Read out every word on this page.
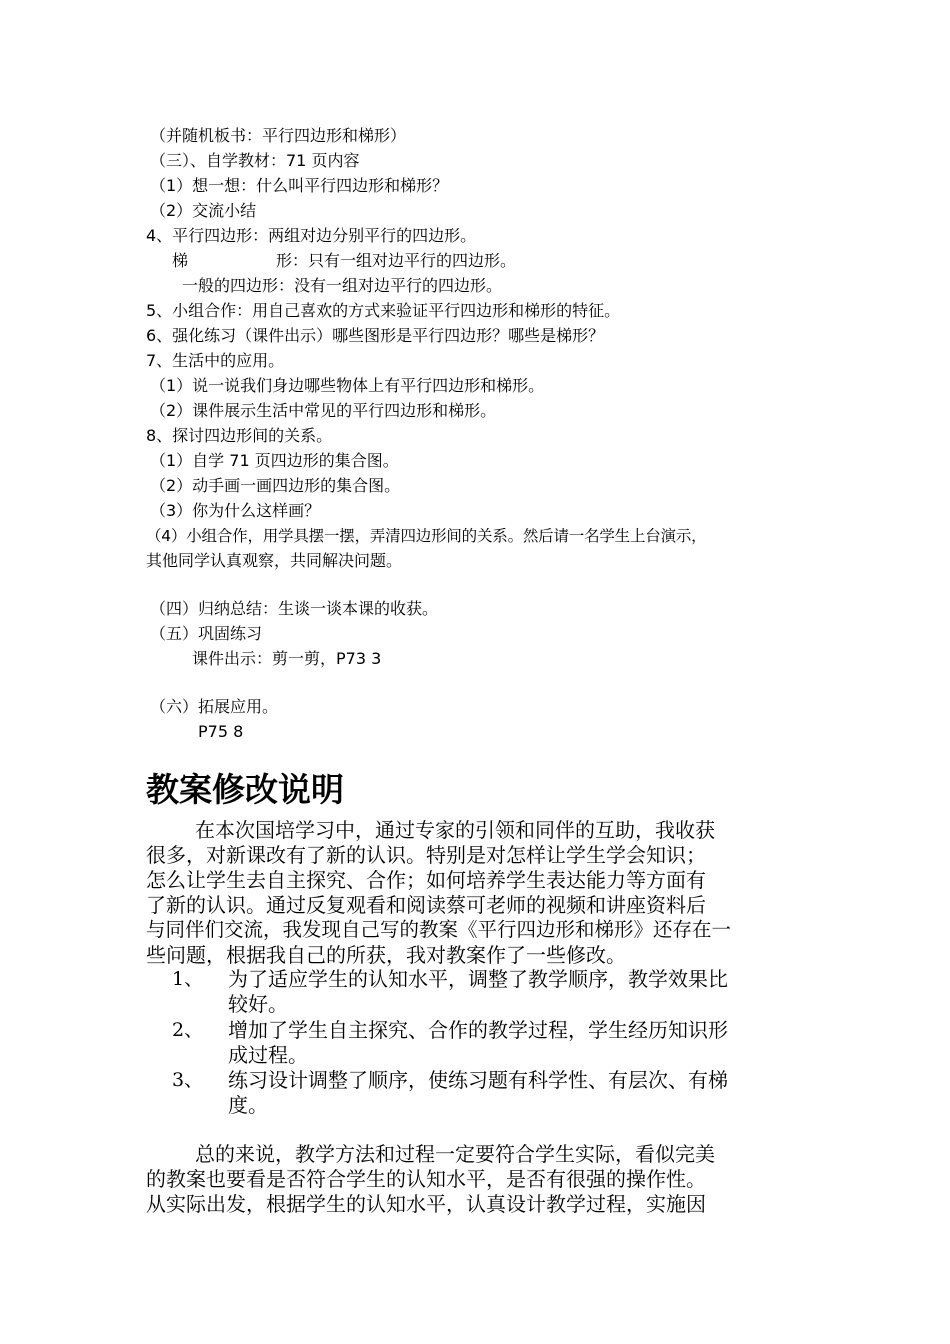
（并随机板书：平行四边形和梯形）
（三）、自学教材：71 页内容
（1）想一想：什么叫平行四边形和梯形？
（2）交流小结
4、平行四边形：两组对边分别平行的四边形。
梯	形：只有一组对边平行的四边形。
一般的四边形：没有一组对边平行的四边形。
5、小组合作：用自己喜欢的方式来验证平行四边形和梯形的特征。
6、强化练习（课件出示）哪些图形是平行四边形？哪些是梯形？
7、生活中的应用。
（1）说一说我们身边哪些物体上有平行四边形和梯形。
（2）课件展示生活中常见的平行四边形和梯形。
8、探讨四边形间的关系。
（1）自学 71 页四边形的集合图。
（2）动手画一画四边形的集合图。
（3）你为什么这样画？
（4）小组合作，用学具摆一摆，弄清四边形间的关系。然后请一名学生上台演示，
其他同学认真观察，共同解决问题。
（四）归纳总结：生谈一谈本课的收获。
（五）巩固练习
课件出示：剪一剪，P73 3
（六）拓展应用。
P75 8
教案修改说明
在本次国培学习中，通过专家的引领和同伴的互助，我收获
很多，对新课改有了新的认识。特别是对怎样让学生学会知识；
怎么让学生去自主探究、合作；如何培养学生表达能力等方面有
了新的认识。通过反复观看和阅读蔡可老师的视频和讲座资料后
与同伴们交流，我发现自己写的教案《平行四边形和梯形》还存在一
些问题，根据我自己的所获，我对教案作了一些修改。
1、 为了适应学生的认知水平，调整了教学顺序，教学效果比
较好。
2、 增加了学生自主探究、合作的教学过程，学生经历知识形
成过程。
3、 练习设计调整了顺序，使练习题有科学性、有层次、有梯
度。
总的来说，教学方法和过程一定要符合学生实际，看似完美
的教案也要看是否符合学生的认知水平，是否有很强的操作性。
从实际出发，根据学生的认知水平，认真设计教学过程，实施因
